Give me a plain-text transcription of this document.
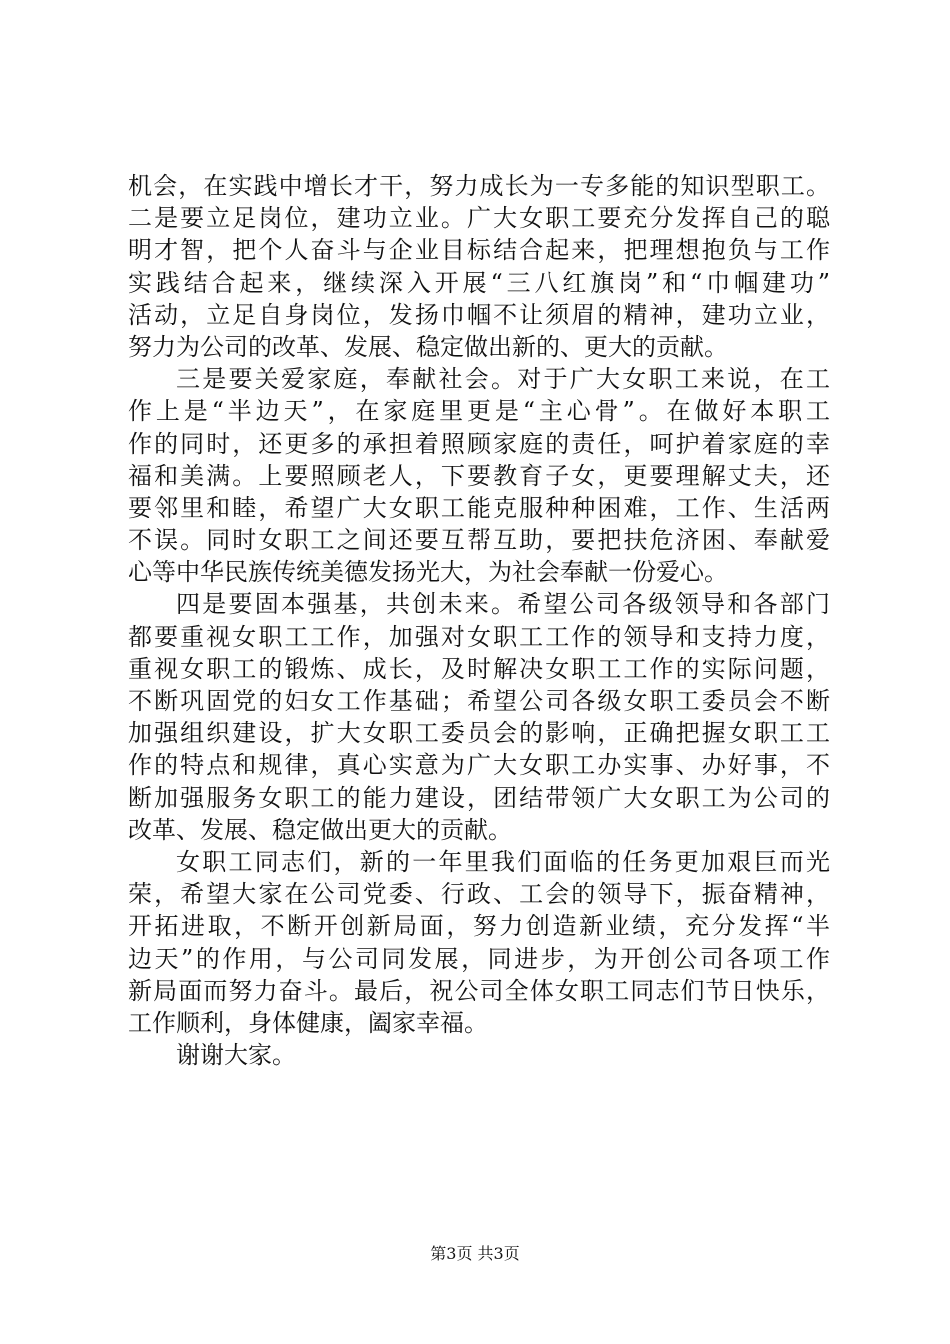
机会，在实践中增长才干，努力成长为一专多能的知识型职工。
二是要立足岗位，建功立业。广大女职工要充分发挥自己的聪
明才智，把个人奋斗与企业目标结合起来，把理想抱负与工作
实践结合起来，继续深入开展“三八红旗岗”和“巾帼建功”
活动，立足自身岗位，发扬巾帼不让须眉的精神，建功立业，
努力为公司的改革、发展、稳定做出新的、更大的贡献。
三是要关爱家庭，奉献社会。对于广大女职工来说，在工
作上是“半边天”，在家庭里更是“主心骨”。在做好本职工
作的同时，还更多的承担着照顾家庭的责任，呵护着家庭的幸
福和美满。上要照顾老人，下要教育子女，更要理解丈夫，还
要邻里和睦，希望广大女职工能克服种种困难，工作、生活两
不误。同时女职工之间还要互帮互助，要把扶危济困、奉献爱
心等中华民族传统美德发扬光大，为社会奉献一份爱心。
四是要固本强基，共创未来。希望公司各级领导和各部门
都要重视女职工工作，加强对女职工工作的领导和支持力度，
重视女职工的锻炼、成长，及时解决女职工工作的实际问题，
不断巩固党的妇女工作基础；希望公司各级女职工委员会不断
加强组织建设，扩大女职工委员会的影响，正确把握女职工工
作的特点和规律，真心实意为广大女职工办实事、办好事，不
断加强服务女职工的能力建设，团结带领广大女职工为公司的
改革、发展、稳定做出更大的贡献。
女职工同志们，新的一年里我们面临的任务更加艰巨而光
荣，希望大家在公司党委、行政、工会的领导下，振奋精神，
开拓进取，不断开创新局面，努力创造新业绩，充分发挥“半
边天”的作用，与公司同发展，同进步，为开创公司各项工作
新局面而努力奋斗。最后，祝公司全体女职工同志们节日快乐，
工作顺利，身体健康，阖家幸福。
谢谢大家。
第3页 共3页
